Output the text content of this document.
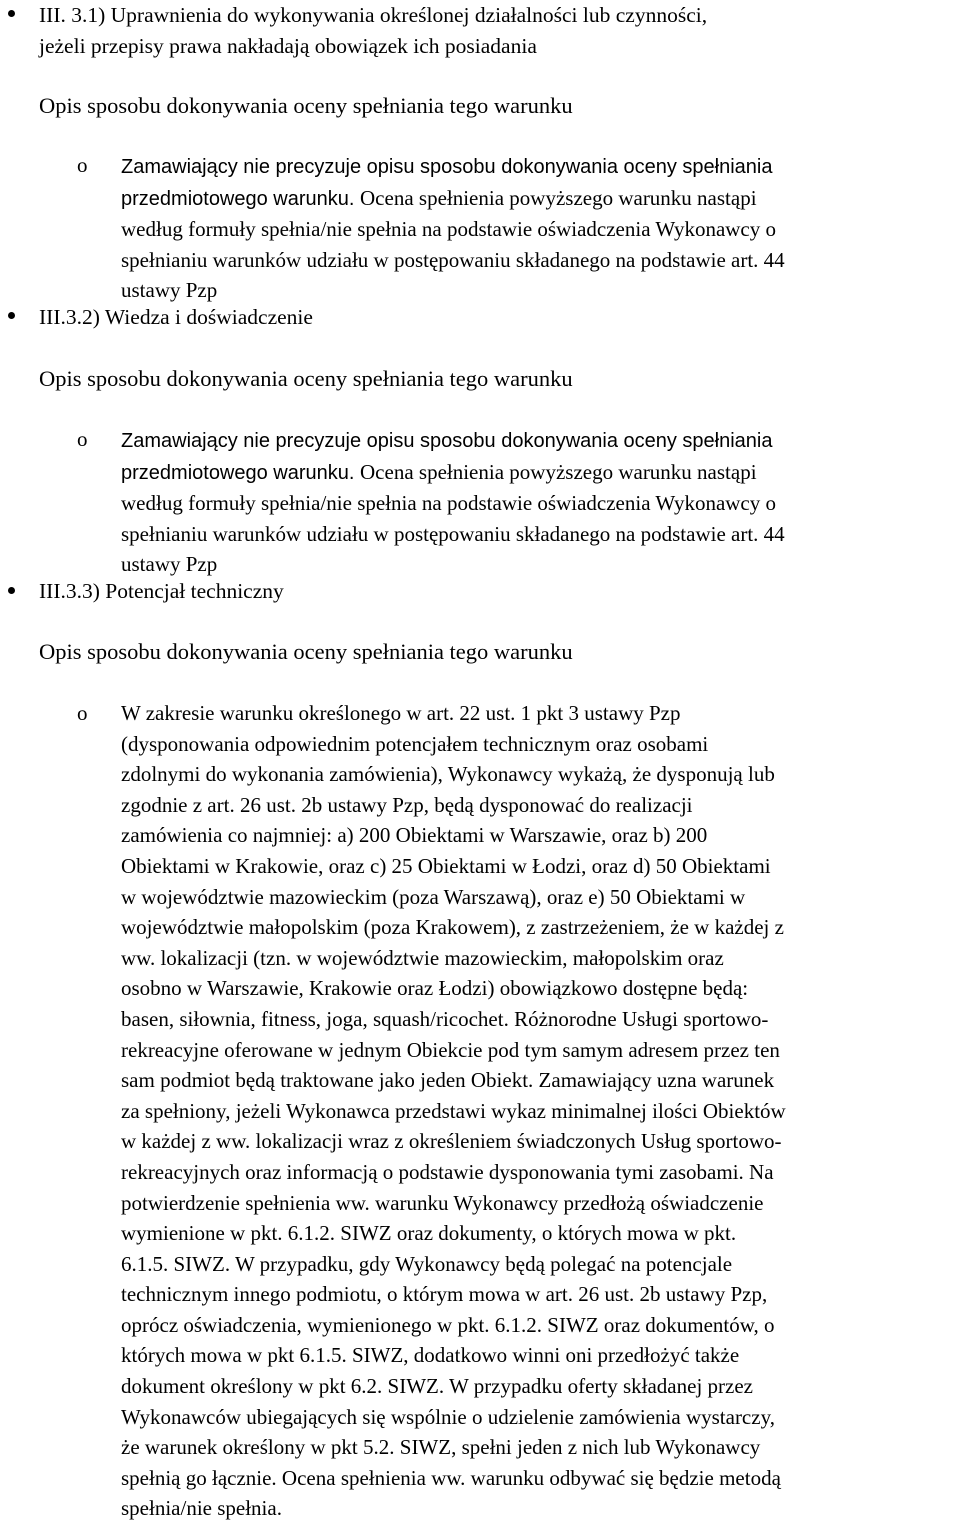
III. 3.1) Uprawnienia do wykonywania określonej działalności lub czynności,
jeżeli przepisy prawa nakładają obowiązek ich posiadania
Opis sposobu dokonywania oceny spełniania tego warunku
o Zamawiający nie precyzuje opisu sposobu dokonywania oceny spełniania
przedmiotowego warunku. Ocena spełnienia powyższego warunku nastąpi
według formuły spełnia/nie spełnia na podstawie oświadczenia Wykonawcy o
spełnianiu warunków udziału w postępowaniu składanego na podstawie art. 44
ustawy Pzp
III.3.2) Wiedza i doświadczenie
Opis sposobu dokonywania oceny spełniania tego warunku
o Zamawiający nie precyzuje opisu sposobu dokonywania oceny spełniania
przedmiotowego warunku. Ocena spełnienia powyższego warunku nastąpi
według formuły spełnia/nie spełnia na podstawie oświadczenia Wykonawcy o
spełnianiu warunków udziału w postępowaniu składanego na podstawie art. 44
ustawy Pzp
III.3.3) Potencjał techniczny
Opis sposobu dokonywania oceny spełniania tego warunku
o W zakresie warunku określonego w art. 22 ust. 1 pkt 3 ustawy Pzp
(dysponowania odpowiednim potencjałem technicznym oraz osobami
zdolnymi do wykonania zamówienia), Wykonawcy wykażą, że dysponują lub
zgodnie z art. 26 ust. 2b ustawy Pzp, będą dysponować do realizacji
zamówienia co najmniej: a) 200 Obiektami w Warszawie, oraz b) 200
Obiektami w Krakowie, oraz c) 25 Obiektami w Łodzi, oraz d) 50 Obiektami
w województwie mazowieckim (poza Warszawą), oraz e) 50 Obiektami w
województwie małopolskim (poza Krakowem), z zastrzeżeniem, że w każdej z
ww. lokalizacji (tzn. w województwie mazowieckim, małopolskim oraz
osobno w Warszawie, Krakowie oraz Łodzi) obowiązkowo dostępne będą:
basen, siłownia, fitness, joga, squash/ricochet. Różnorodne Usługi sportowo-
rekreacyjne oferowane w jednym Obiekcie pod tym samym adresem przez ten
sam podmiot będą traktowane jako jeden Obiekt. Zamawiający uzna warunek
za spełniony, jeżeli Wykonawca przedstawi wykaz minimalnej ilości Obiektów
w każdej z ww. lokalizacji wraz z określeniem świadczonych Usług sportowo-
rekreacyjnych oraz informacją o podstawie dysponowania tymi zasobami. Na
potwierdzenie spełnienia ww. warunku Wykonawcy przedłożą oświadczenie
wymienione w pkt. 6.1.2. SIWZ oraz dokumenty, o których mowa w pkt.
6.1.5. SIWZ. W przypadku, gdy Wykonawcy będą polegać na potencjale
technicznym innego podmiotu, o którym mowa w art. 26 ust. 2b ustawy Pzp,
oprócz oświadczenia, wymienionego w pkt. 6.1.2. SIWZ oraz dokumentów, o
których mowa w pkt 6.1.5. SIWZ, dodatkowo winni oni przedłożyć także
dokument określony w pkt 6.2. SIWZ. W przypadku oferty składanej przez
Wykonawców ubiegających się wspólnie o udzielenie zamówienia wystarczy,
że warunek określony w pkt 5.2. SIWZ, spełni jeden z nich lub Wykonawcy
spełnią go łącznie. Ocena spełnienia ww. warunku odbywać się będzie metodą
spełnia/nie spełnia.
